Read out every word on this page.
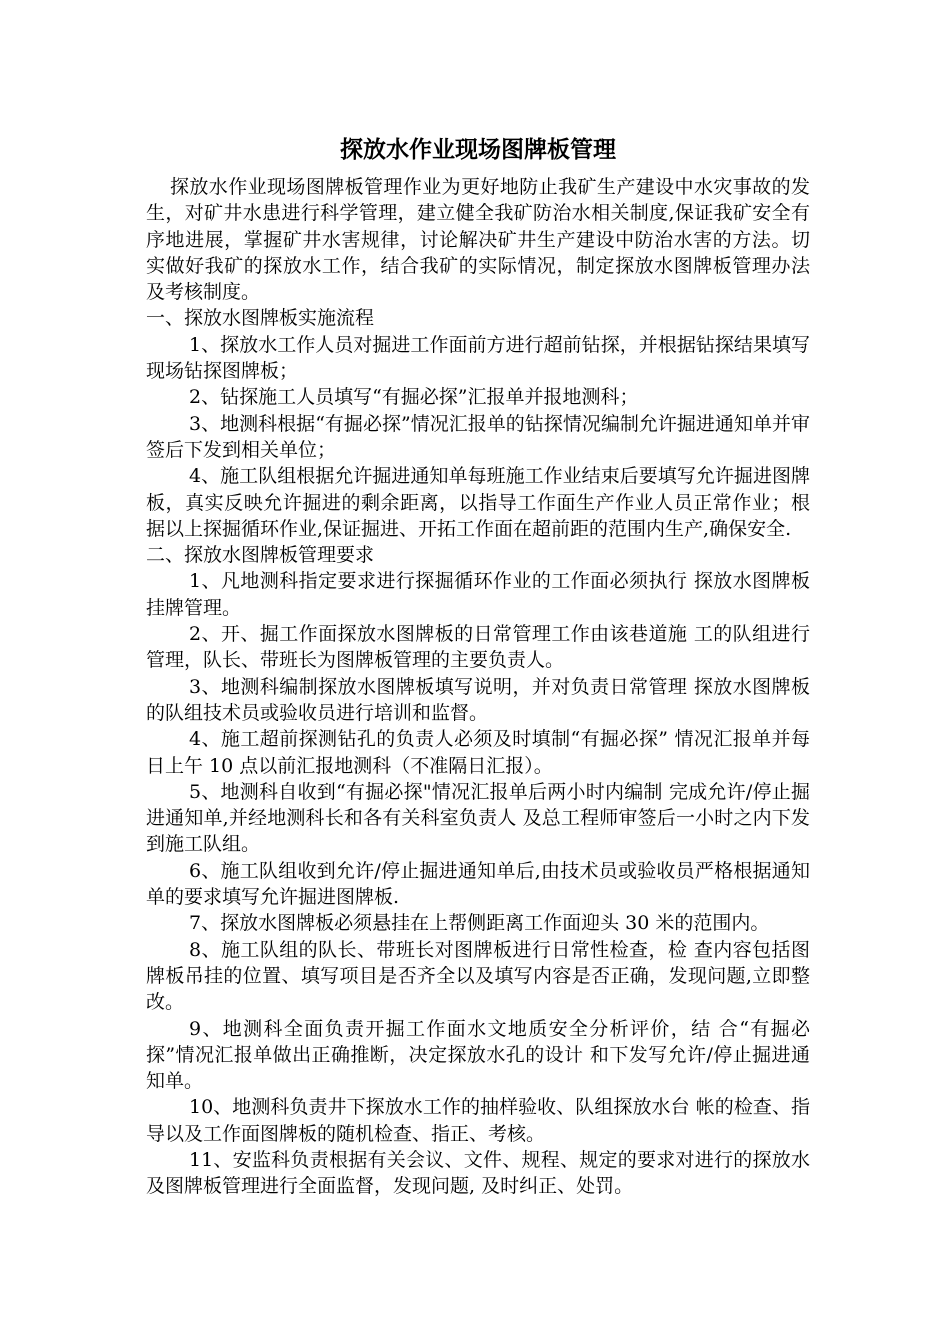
探放水作业现场图牌板管理

探放水作业现场图牌板管理作业为更好地防止我矿生产建设中水灾事故的发生，对矿井水患进行科学管理，建立健全我矿防治水相关制度,保证我矿安全有序地进展，掌握矿井水害规律，讨论解决矿井生产建设中防治水害的方法。切实做好我矿的探放水工作，结合我矿的实际情况，制定探放水图牌板管理办法及考核制度。

一、探放水图牌板实施流程

1、探放水工作人员对掘进工作面前方进行超前钻探，并根据钻探结果填写现场钻探图牌板；

2、钻探施工人员填写“有掘必探”汇报单并报地测科；

3、地测科根据“有掘必探”情况汇报单的钻探情况编制允许掘进通知单并审签后下发到相关单位；

4、施工队组根据允许掘进通知单每班施工作业结束后要填写允许掘进图牌板，真实反映允许掘进的剩余距离，以指导工作面生产作业人员正常作业；根据以上探掘循环作业,保证掘进、开拓工作面在超前距的范围内生产,确保安全.

二、探放水图牌板管理要求

1、凡地测科指定要求进行探掘循环作业的工作面必须执行 探放水图牌板挂牌管理。

2、开、掘工作面探放水图牌板的日常管理工作由该巷道施 工的队组进行管理，队长、带班长为图牌板管理的主要负责人。

3、地测科编制探放水图牌板填写说明，并对负责日常管理 探放水图牌板的队组技术员或验收员进行培训和监督。

4、施工超前探测钻孔的负责人必须及时填制“有掘必探” 情况汇报单并每日上午 10 点以前汇报地测科（不准隔日汇报）。

5、地测科自收到“有掘必探"情况汇报单后两小时内编制 完成允许/停止掘进通知单,并经地测科长和各有关科室负责人 及总工程师审签后一小时之内下发到施工队组。

6、施工队组收到允许/停止掘进通知单后,由技术员或验收员严格根据通知单的要求填写允许掘进图牌板.

7、探放水图牌板必须悬挂在上帮侧距离工作面迎头 30 米的范围内。

8、施工队组的队长、带班长对图牌板进行日常性检查，检 查内容包括图牌板吊挂的位置、填写项目是否齐全以及填写内容是否正确，发现问题,立即整改。

9、地测科全面负责开掘工作面水文地质安全分析评价，结 合“有掘必探”情况汇报单做出正确推断，决定探放水孔的设计 和下发写允许/停止掘进通知单。

10、地测科负责井下探放水工作的抽样验收、队组探放水台 帐的检查、指导以及工作面图牌板的随机检查、指正、考核。

11、安监科负责根据有关会议、文件、规程、规定的要求对进行的探放水及图牌板管理进行全面监督，发现问题, 及时纠正、处罚。
